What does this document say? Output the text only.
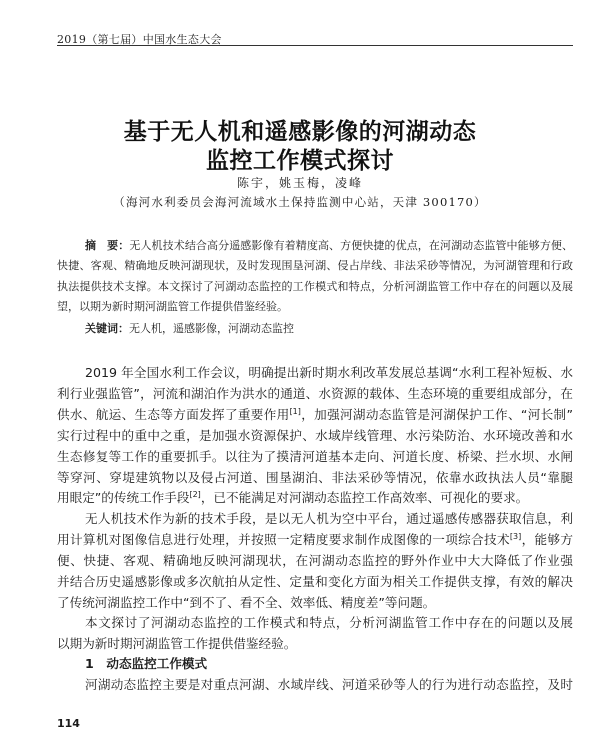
2019（第七届）中国水生态大会
基于无人机和遥感影像的河湖动态
监控工作模式探讨
陈宇，姚玉梅，凌峰
（海河水利委员会海河流域水土保持监测中心站，天津 300170）
摘　要：无人机技术结合高分遥感影像有着精度高、方便快捷的优点，在河湖动态监管中能够方便、
快捷、客观、精确地反映河湖现状，及时发现围垦河湖、侵占岸线、非法采砂等情况，为河湖管理和行政
执法提供技术支撑。本文探讨了河湖动态监控的工作模式和特点，分析河湖监管工作中存在的问题以及展
望，以期为新时期河湖监管工作提供借鉴经验。
关键词：无人机，遥感影像，河湖动态监控
2019 年全国水利工作会议，明确提出新时期水利改革发展总基调“水利工程补短板、水
利行业强监管”，河流和湖泊作为洪水的通道、水资源的载体、生态环境的重要组成部分，在
供水、航运、生态等方面发挥了重要作用[1]，加强河湖动态监管是河湖保护工作、“河长制”
实行过程中的重中之重，是加强水资源保护、水域岸线管理、水污染防治、水环境改善和水
生态修复等工作的重要抓手。以往为了摸清河道基本走向、河道长度、桥梁、拦水坝、水闸
等穿河、穿堤建筑物以及侵占河道、围垦湖泊、非法采砂等情况，依靠水政执法人员“靠腿
用眼定”的传统工作手段[2]，已不能满足对河湖动态监控工作高效率、可视化的要求。
无人机技术作为新的技术手段，是以无人机为空中平台，通过遥感传感器获取信息，利
用计算机对图像信息进行处理，并按照一定精度要求制作成图像的一项综合技术[3]，能够方
便、快捷、客观、精确地反映河湖现状，在河湖动态监控的野外作业中大大降低了作业强
并结合历史遥感影像或多次航拍从定性、定量和变化方面为相关工作提供支撑，有效的解决
了传统河湖监控工作中“到不了、看不全、效率低、精度差”等问题。
本文探讨了河湖动态监控的工作模式和特点，分析河湖监管工作中存在的问题以及展
以期为新时期河湖监管工作提供借鉴经验。
河湖动态监控主要是对重点河湖、水域岸线、河道采砂等人的行为进行动态监控，及时
1　 动态监控工作模式
114
